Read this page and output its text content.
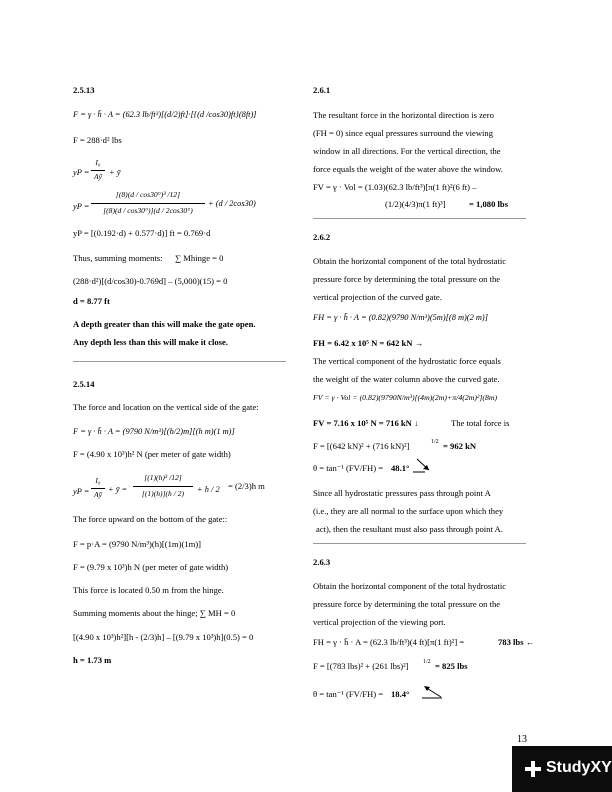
2.5.13
F = γ · h̄ · A = (62.3 lb/ft³)[(d/2)ft]·[{(d /cos30)ft}(8ft)]
F = 288·d² lbs
yP =
I₀
Aȳ + ȳ
yP =
[(8)(d / cos30°)³ /12]
[(8)(d / cos30°)](d / 2cos30°)
+ (d / 2cos30)
yP = [(0.192·d) + 0.577·d)] ft = 0.769·d
Thus, summing moments: ∑ Mhinge = 0
(288·d²)[(d/cos30)-0.769d] – (5,000)(15) = 0
d = 8.77 ft
A depth greater than this will make the gate open.
Any depth less than this will make it close.
2.5.14
The force and location on the vertical side of the gate:
F = γ · h̄ · A = (9790 N/m³)[(h/2)m][(h m)(1 m)]
F = (4.90 x 10³)h² N (per meter of gate width)
yP =
I₀
Aȳ
+ ȳ =
[(1)(h)³ /12]
[(1)(h)](h / 2)	+ h / 2 = (2/3)h m
The force upward on the bottom of the gate::
F = p·A = (9790 N/m³)(h)[(1m)(1m)]
F = (9.79 x 10³)h N (per meter of gate width)
This force is located 0.50 m from the hinge.
Summing moments about the hinge; ∑ MH = 0
[(4.90 x 10³)h²][h - (2/3)h] – [(9.79 x 10³)h](0.5) = 0
h = 1.73 m
2.6.1
The resultant force in the horizontal direction is zero
(FH = 0) since equal pressures surround the viewing
window in all directions. For the vertical direction, the
force equals the weight of the water above the window.
FV = γ · Vol = (1.03)(62.3 lb/ft³)[π(1 ft)²(6 ft) –
(1/2)(4/3)π(1 ft)³]	= 1,080 lbs
2.6.2
Obtain the horizontal component of the total hydrostatic
pressure force by determining the total pressure on the
vertical projection of the curved gate.
FH = γ · h̄ · A = (0.82)(9790 N/m³)(5m)[(8 m)(2 m)]
FH = 6.42 x 10⁵ N = 642 kN →
The vertical component of the hydrostatic force equals
the weight of the water column above the curved gate.
FV = γ · Vol = (0.82)(9790N/m³)[(4m)(2m)+π/4(2m)²](8m)
FV = 7.16 x 10⁵ N = 716 kN ↓	The total force is
F = [(642 kN)² + (716 kN)²]	1/2 = 962 kN
θ = tan⁻¹ (FV/FH) = 48.1°
Since all hydrostatic pressures pass through point A
(i.e., they are all normal to the surface upon which they
act), then the resultant must also pass through point A.
2.6.3
Obtain the horizontal component of the total hydrostatic
pressure force by determining the total pressure on the
vertical projection of the viewing port.
FH = γ · h̄ · A = (62.3 lb/ft³)(4 ft)[π(1 ft)²] =	783 lbs ←
F = [(783 lbs)² + (261 lbs)²] 1/2 = 825 lbs
θ = tan⁻¹ (FV/FH) = 18.4°
13
StudyXY
